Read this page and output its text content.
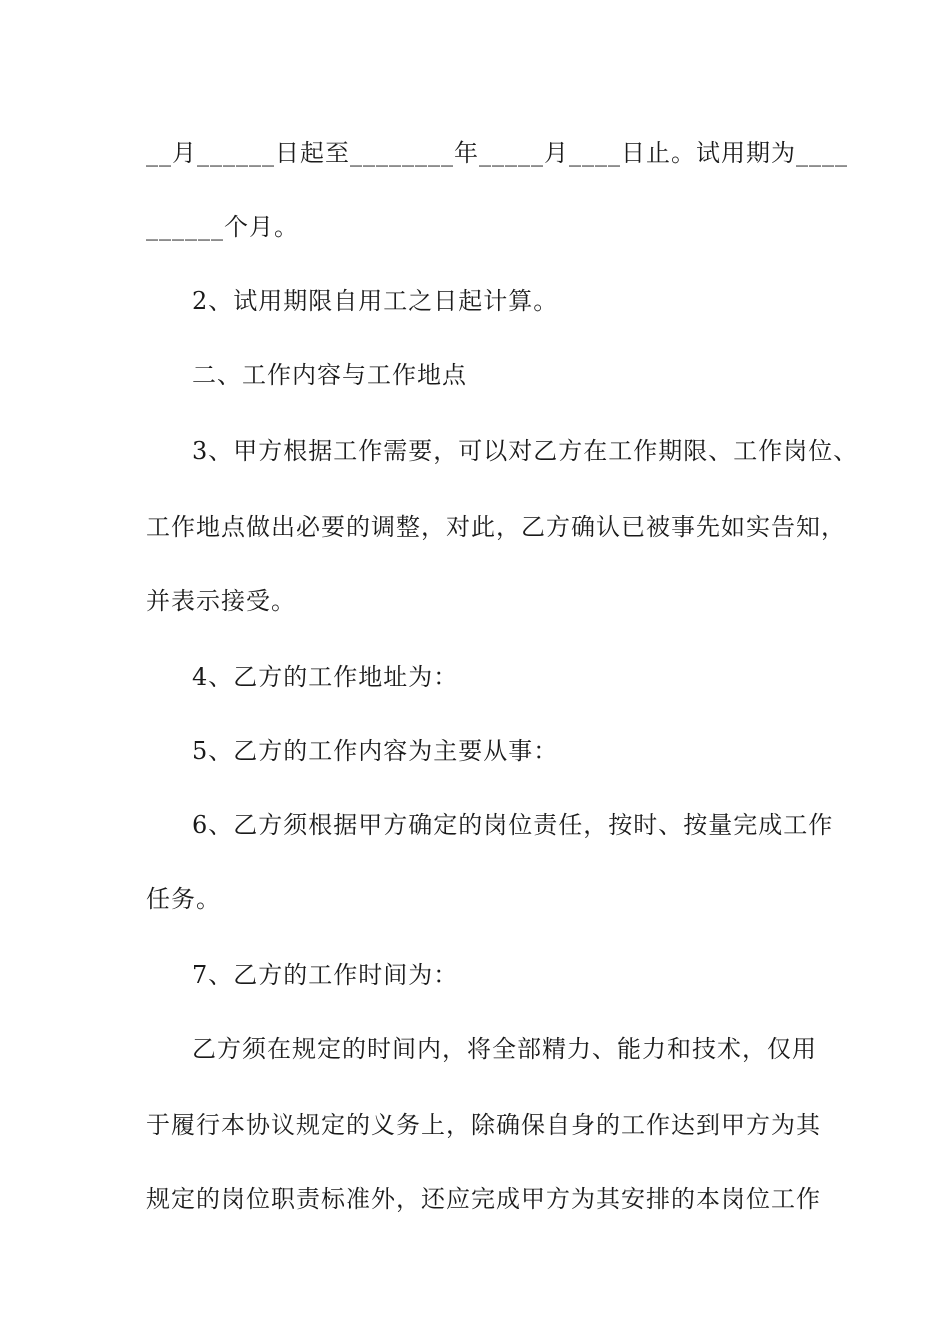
__月______日起至________年_____月____日止。试用期为____
______个月。
2、试用期限自用工之日起计算。
二、工作内容与工作地点
3、甲方根据工作需要，可以对乙方在工作期限、工作岗位、
工作地点做出必要的调整，对此，乙方确认已被事先如实告知，
并表示接受。
4、乙方的工作地址为：
5、乙方的工作内容为主要从事：
6、乙方须根据甲方确定的岗位责任，按时、按量完成工作
任务。
7、乙方的工作时间为：
乙方须在规定的时间内，将全部精力、能力和技术，仅用
于履行本协议规定的义务上，除确保自身的工作达到甲方为其
规定的岗位职责标准外，还应完成甲方为其安排的本岗位工作
